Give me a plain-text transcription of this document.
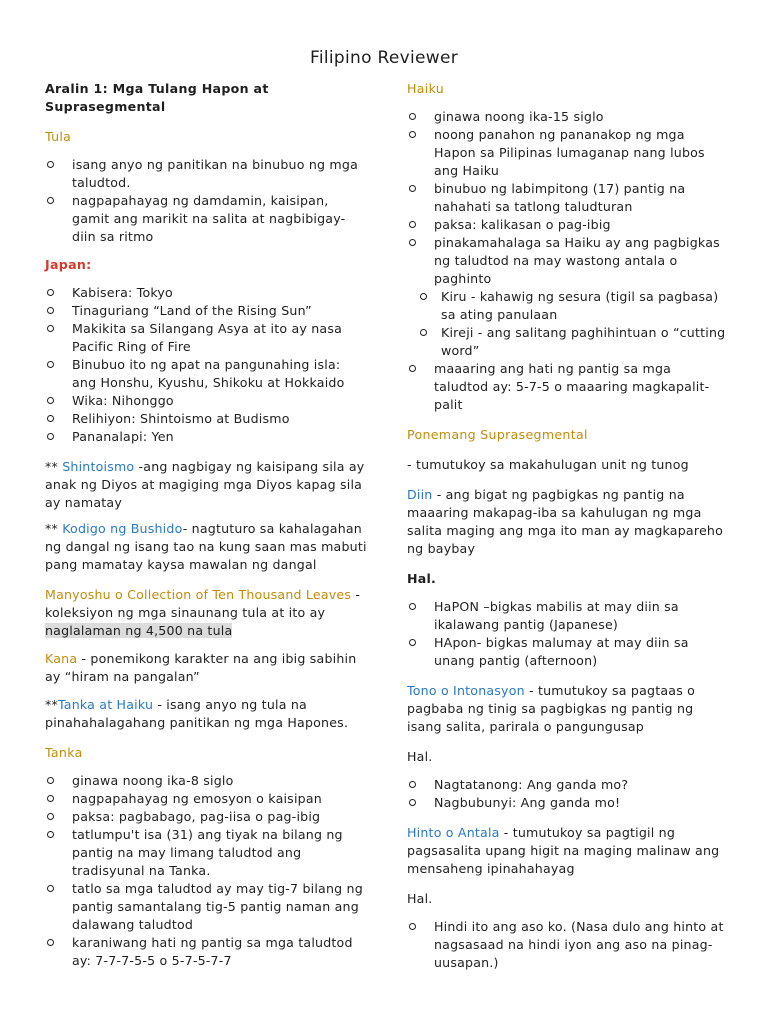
Filipino Reviewer
Aralin 1: Mga Tulang Hapon at Suprasegmental
Tula
isang anyo ng panitikan na binubuo ng mga taludtod.
nagpapahayag ng damdamin, kaisipan, gamit ang marikit na salita at nagbibigay-diin sa ritmo
Japan:
Kabisera: Tokyo
Tinaguriang “Land of the Rising Sun”
Makikita sa Silangang Asya at ito ay nasa Pacific Ring of Fire
Binubuo ito ng apat na pangunahing isla: ang Honshu, Kyushu, Shikoku at Hokkaido
Wika: Nihonggo
Relihiyon: Shintoismo at Budismo
Pananalapi: Yen
** Shintoismo -ang nagbigay ng kaisipang sila ay anak ng Diyos at magiging mga Diyos kapag sila ay namatay
** Kodigo ng Bushido- nagtuturo sa kahalagahan ng dangal ng isang tao na kung saan mas mabuti pang mamatay kaysa mawalan ng dangal
Manyoshu o Collection of Ten Thousand Leaves - koleksiyon ng mga sinaunang tula at ito ay naglalaman ng 4,500 na tula
Kana - ponemikong karakter na ang ibig sabihin ay “hiram na pangalan”
**Tanka at Haiku - isang anyo ng tula na pinahahalagahang panitikan ng mga Hapones.
Tanka
ginawa noong ika-8 siglo
nagpapahayag ng emosyon o kaisipan
paksa: pagbabago, pag-iisa o pag-ibig
tatlumpu't isa (31) ang tiyak na bilang ng pantig na may limang taludtod ang tradisyunal na Tanka.
tatlo sa mga taludtod ay may tig-7 bilang ng pantig samantalang tig-5 pantig naman ang dalawang taludtod
karaniwang hati ng pantig sa mga taludtod ay: 7-7-7-5-5 o 5-7-5-7-7
Haiku
ginawa noong ika-15 siglo
noong panahon ng pananakop ng mga Hapon sa Pilipinas lumaganap nang lubos ang Haiku
binubuo ng labimpitong (17) pantig na nahahati sa tatlong taludturan
paksa: kalikasan o pag-ibig
pinakamahalaga sa Haiku ay ang pagbigkas ng taludtod na may wastong antala o paghinto
Kiru - kahawig ng sesura (tigil sa pagbasa) sa ating panulaan
Kireji - ang salitang paghihintuan o “cutting word”
maaaring ang hati ng pantig sa mga taludtod ay: 5-7-5 o maaaring magkapalit-palit
Ponemang Suprasegmental
- tumutukoy sa makahulugan unit ng tunog
Diin - ang bigat ng pagbigkas ng pantig na maaaring makapag-iba sa kahulugan ng mga salita maging ang mga ito man ay magkapareho ng baybay
Hal.
HaPON –bigkas mabilis at may diin sa ikalawang pantig (Japanese)
HApon- bigkas malumay at may diin sa unang pantig (afternoon)
Tono o Intonasyon - tumutukoy sa pagtaas o pagbaba ng tinig sa pagbigkas ng pantig ng isang salita, parirala o pangungusap
Hal.
Nagtatanong: Ang ganda mo?
Nagbubunyi: Ang ganda mo!
Hinto o Antala - tumutukoy sa pagtigil ng pagsasalita upang higit na maging malinaw ang mensaheng ipinahahayag
Hal.
Hindi ito ang aso ko. (Nasa dulo ang hinto at nagsasaad na hindi iyon ang aso na pinag-uusapan.)
